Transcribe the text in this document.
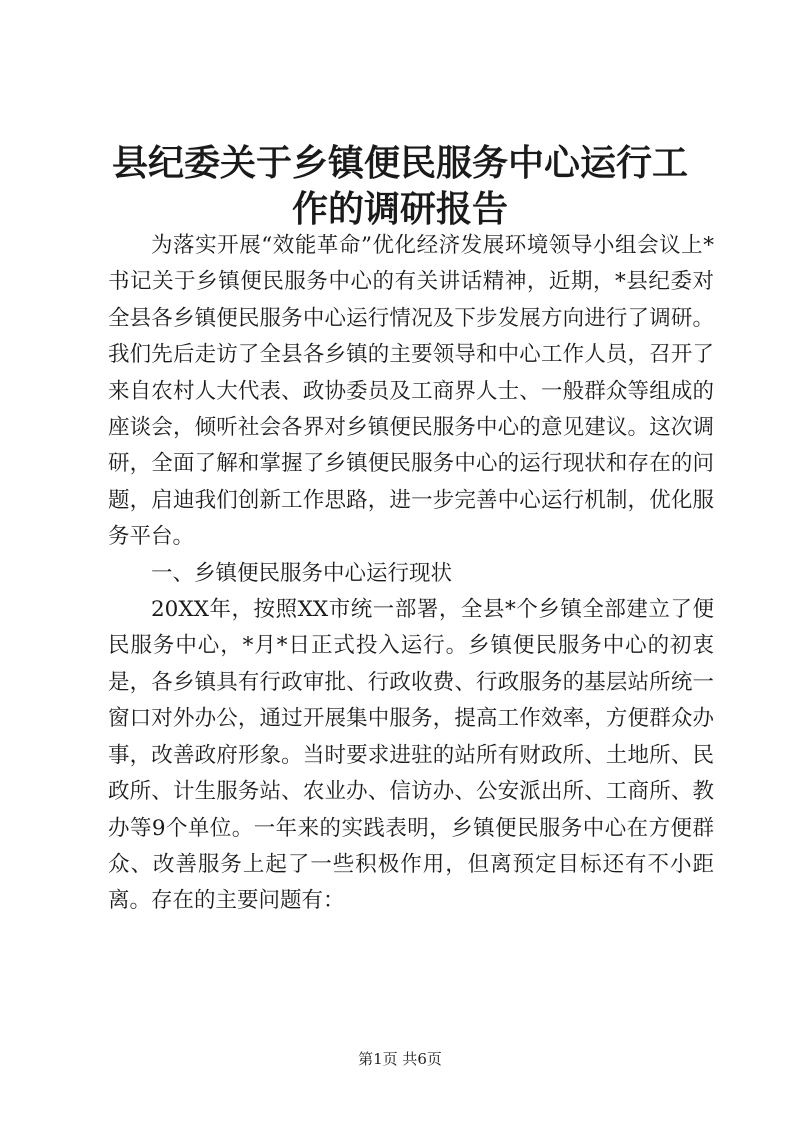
县纪委关于乡镇便民服务中心运行工作的调研报告

为落实开展“效能革命”优化经济发展环境领导小组会议上*书记关于乡镇便民服务中心的有关讲话精神，近期，*县纪委对全县各乡镇便民服务中心运行情况及下步发展方向进行了调研。我们先后走访了全县各乡镇的主要领导和中心工作人员，召开了来自农村人大代表、政协委员及工商界人士、一般群众等组成的座谈会，倾听社会各界对乡镇便民服务中心的意见建议。这次调研，全面了解和掌握了乡镇便民服务中心的运行现状和存在的问题，启迪我们创新工作思路，进一步完善中心运行机制，优化服务平台。

一、乡镇便民服务中心运行现状

20XX年，按照XX市统一部署，全县*个乡镇全部建立了便民服务中心，*月*日正式投入运行。乡镇便民服务中心的初衷是，各乡镇具有行政审批、行政收费、行政服务的基层站所统一窗口对外办公，通过开展集中服务，提高工作效率，方便群众办事，改善政府形象。当时要求进驻的站所有财政所、土地所、民政所、计生服务站、农业办、信访办、公安派出所、工商所、教办等9个单位。一年来的实践表明，乡镇便民服务中心在方便群众、改善服务上起了一些积极作用，但离预定目标还有不小距离。存在的主要问题有：

第1页 共6页
